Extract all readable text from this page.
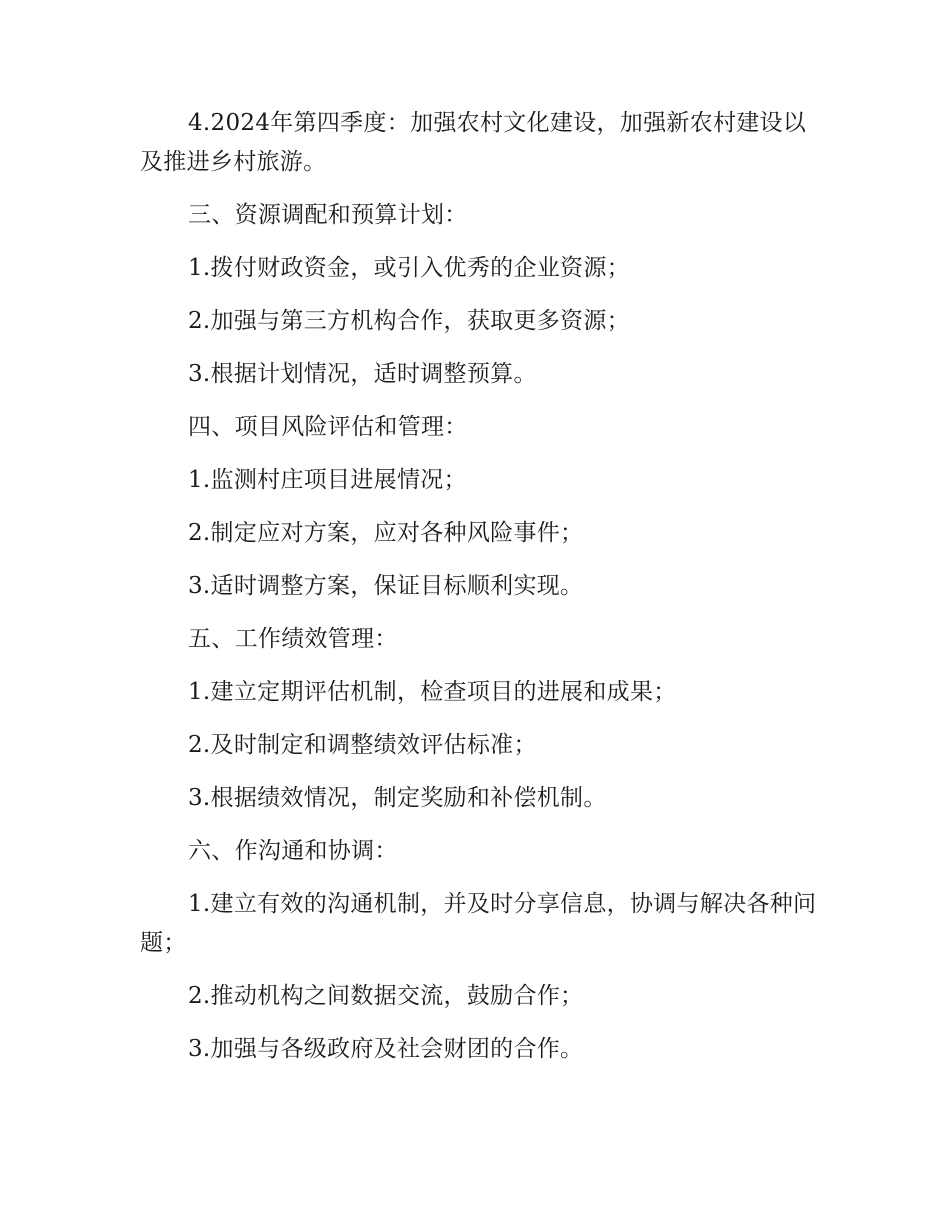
4.2024年第四季度：加强农村文化建设，加强新农村建设以及推进乡村旅游。

三、资源调配和预算计划：

1.拨付财政资金，或引入优秀的企业资源；

2.加强与第三方机构合作，获取更多资源；

3.根据计划情况，适时调整预算。

四、项目风险评估和管理：

1.监测村庄项目进展情况；

2.制定应对方案，应对各种风险事件；

3.适时调整方案，保证目标顺利实现。

五、工作绩效管理：

1.建立定期评估机制，检查项目的进展和成果；

2.及时制定和调整绩效评估标准；

3.根据绩效情况，制定奖励和补偿机制。

六、作沟通和协调：

1.建立有效的沟通机制，并及时分享信息，协调与解决各种问题；

2.推动机构之间数据交流，鼓励合作；

3.加强与各级政府及社会财团的合作。
